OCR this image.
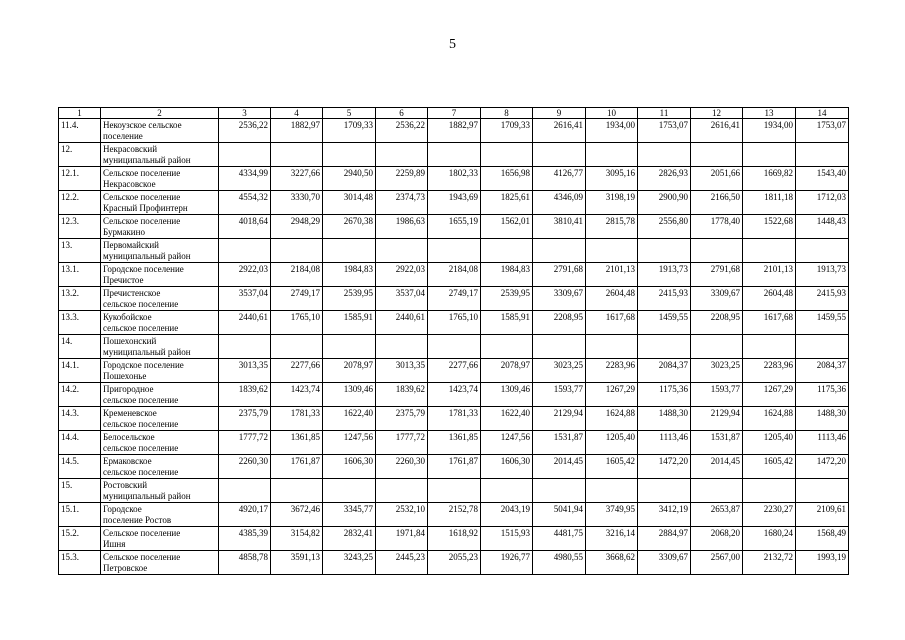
5
1	2	3	4	5	6	7	8	9	10	11	12	13	14
11.4.	Некоузское сельское
поселение	2536,22	1882,97	1709,33	2536,22	1882,97	1709,33	2616,41	1934,00	1753,07	2616,41	1934,00	1753,07
12.	Некрасовский
муниципальный район												

12.1.	Сельское поселение
Некрасовское	4334,99	3227,66	2940,50	2259,89	1802,33	1656,98	4126,77	3095,16	2826,93	2051,66	1669,82	1543,40
12.2.	Сельское поселение
Красный Профинтерн	4554,32	3330,70	3014,48	2374,73	1943,69	1825,61	4346,09	3198,19	2900,90	2166,50	1811,18	1712,03
12.3.	Сельское поселение
Бурмакино	4018,64	2948,29	2670,38	1986,63	1655,19	1562,01	3810,41	2815,78	2556,80	1778,40	1522,68	1448,43
13.	Первомайский
муниципальный район												

13.1.	Городское поселение
Пречистое	2922,03	2184,08	1984,83	2922,03	2184,08	1984,83	2791,68	2101,13	1913,73	2791,68	2101,13	1913,73
13.2.	Пречистенское
сельское поселение	3537,04	2749,17	2539,95	3537,04	2749,17	2539,95	3309,67	2604,48	2415,93	3309,67	2604,48	2415,93
13.3.	Кукобойское
сельское поселение	2440,61	1765,10	1585,91	2440,61	1765,10	1585,91	2208,95	1617,68	1459,55	2208,95	1617,68	1459,55
14.	Пошехонский
муниципальный район												

14.1.	Городское поселение
Пошехонье	3013,35	2277,66	2078,97	3013,35	2277,66	2078,97	3023,25	2283,96	2084,37	3023,25	2283,96	2084,37
14.2.	Пригородное
сельское поселение	1839,62	1423,74	1309,46	1839,62	1423,74	1309,46	1593,77	1267,29	1175,36	1593,77	1267,29	1175,36
14.3.	Кременевское
сельское поселение	2375,79	1781,33	1622,40	2375,79	1781,33	1622,40	2129,94	1624,88	1488,30	2129,94	1624,88	1488,30
14.4.	Белосельское
сельское поселение	1777,72	1361,85	1247,56	1777,72	1361,85	1247,56	1531,87	1205,40	1113,46	1531,87	1205,40	1113,46
14.5.	Ермаковское
сельское поселение	2260,30	1761,87	1606,30	2260,30	1761,87	1606,30	2014,45	1605,42	1472,20	2014,45	1605,42	1472,20
15.	Ростовский
муниципальный район												

15.1.	Городское
поселение Ростов	4920,17	3672,46	3345,77	2532,10	2152,78	2043,19	5041,94	3749,95	3412,19	2653,87	2230,27	2109,61
15.2.	Сельское поселение
Ишня	4385,39	3154,82	2832,41	1971,84	1618,92	1515,93	4481,75	3216,14	2884,97	2068,20	1680,24	1568,49
15.3.	Сельское поселение
Петровское	4858,78	3591,13	3243,25	2445,23	2055,23	1926,77	4980,55	3668,62	3309,67	2567,00	2132,72	1993,19
